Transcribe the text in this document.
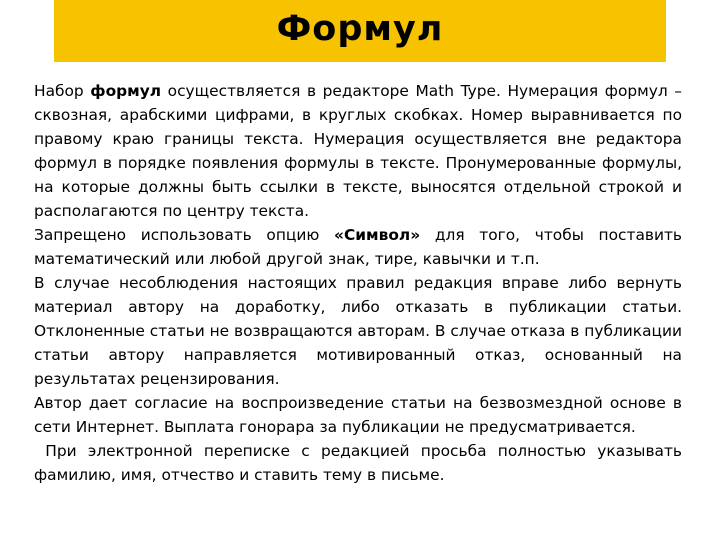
Формул

Набор формул осуществляется в редакторе Math Type. Нумерация формул – сквозная, арабскими цифрами, в круглых скобках. Номер выравнивается по правому краю границы текста. Нумерация осуществляется вне редактора формул в порядке появления формулы в тексте. Пронумерованные формулы, на которые должны быть ссылки в тексте, выносятся отдельной строкой и располагаются по центру текста.

Запрещено использовать опцию «Символ» для того, чтобы поставить математический или любой другой знак, тире, кавычки и т.п.

В случае несоблюдения настоящих правил редакция вправе либо вернуть материал автору на доработку, либо отказать в публикации статьи. Отклоненные статьи не возвращаются авторам. В случае отказа в публикации статьи автору направляется мотивированный отказ, основанный на результатах рецензирования.

Автор дает согласие на воспроизведение статьи на безвозмездной основе в сети Интернет. Выплата гонорара за публикации не предусматривается.

При электронной переписке с редакцией просьба полностью указывать фамилию, имя, отчество и ставить тему в письме.
